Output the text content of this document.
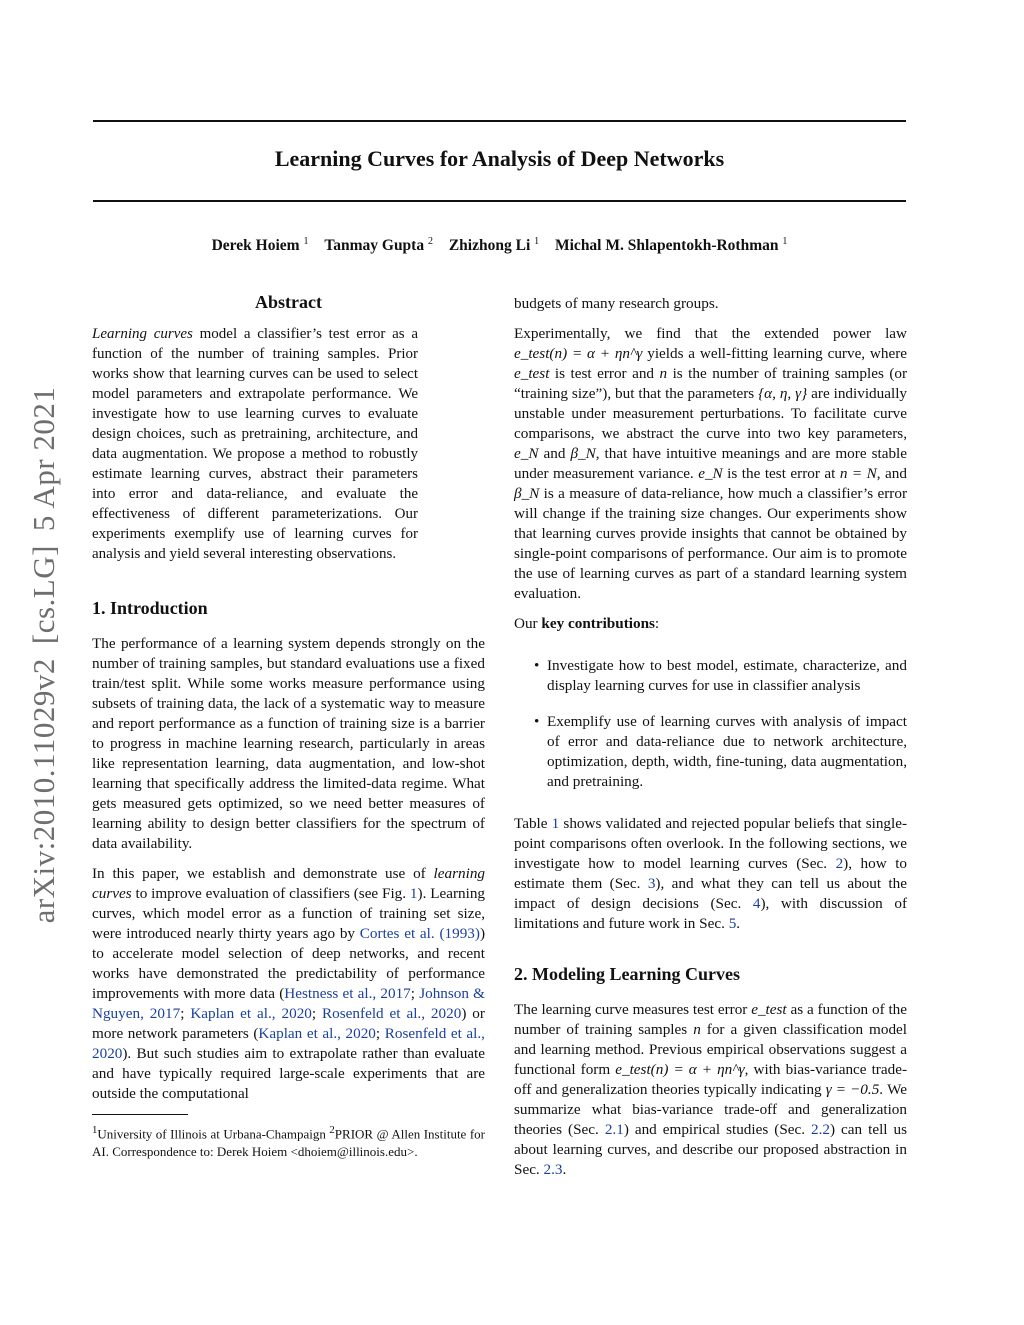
Learning Curves for Analysis of Deep Networks
Derek Hoiem $^1$ Tanmay Gupta $^2$ Zhizhong Li $^1$ Michal M. Shlapentokh-Rothman $^1$
arXiv:2010.11029v2[cs.LG]5 Apr 2021
Abstract

Learning curves model a classifier’s test error as a function of the number of training samples. Prior works show that learning curves can be used to select model parameters and extrapolate performance. We investigate how to use learning curves to evaluate design choices, such as pretraining, architecture, and data augmentation. We propose a method to robustly estimate learning curves, abstract their parameters into error and data-reliance, and evaluate the effectiveness of different parameterizations. Our experiments exemplify use of learning curves for analysis and yield several interesting observations.

1. Introduction

The performance of a learning system depends strongly on the number of training samples, but standard evaluations use a fixed train/test split. While some works measure performance using subsets of training data, the lack of a systematic way to measure and report performance as a function of training size is a barrier to progress in machine learning research, particularly in areas like representation learning, data augmentation, and low-shot learning that specifically address the limited-data regime. What gets measured gets optimized, so we need better measures of learning ability to design better classifiers for the spectrum of data availability.

In this paper, we establish and demonstrate use of learning curves to improve evaluation of classifiers (see Fig. 1). Learning curves, which model error as a function of training set size, were introduced nearly thirty years ago by Cortes et al. (1993)) to accelerate model selection of deep networks, and recent works have demonstrated the predictability of performance improvements with more data (Hestness et al., 2017; Johnson & Nguyen, 2017; Kaplan et al., 2020; Rosenfeld et al., 2020) or more network parameters (Kaplan et al., 2020; Rosenfeld et al., 2020). But such studies aim to extrapolate rather than evaluate and have typically required large-scale experiments that are outside the computational

$^1$University of Illinois at Urbana-Champaign $^2$PRIOR @ Allen Institute for AI. Correspondence to: Derek Hoiem <dhoiem@illinois.edu>.

budgets of many research groups.

Experimentally, we find that the extended power law e_test(n) = α + ηn^γ yields a well-fitting learning curve, where e_test is test error and n is the number of training samples (or “training size”), but that the parameters {α, η, γ} are individually unstable under measurement perturbations. To facilitate curve comparisons, we abstract the curve into two key parameters, e_N and β_N, that have intuitive meanings and are more stable under measurement variance. e_N is the test error at n = N, and β_N is a measure of data-reliance, how much a classifier’s error will change if the training size changes. Our experiments show that learning curves provide insights that cannot be obtained by single-point comparisons of performance. Our aim is to promote the use of learning curves as part of a standard learning system evaluation.

Our key contributions:

• Investigate how to best model, estimate, characterize, and display learning curves for use in classifier analysis
• Exemplify use of learning curves with analysis of impact of error and data-reliance due to network architecture, optimization, depth, width, fine-tuning, data augmentation, and pretraining.

Table 1 shows validated and rejected popular beliefs that single-point comparisons often overlook. In the following sections, we investigate how to model learning curves (Sec. 2), how to estimate them (Sec. 3), and what they can tell us about the impact of design decisions (Sec. 4), with discussion of limitations and future work in Sec. 5.

2. Modeling Learning Curves

The learning curve measures test error e_test as a function of the number of training samples n for a given classification model and learning method. Previous empirical observations suggest a functional form e_test(n) = α + ηn^γ, with bias-variance trade-off and generalization theories typically indicating γ = −0.5. We summarize what bias-variance trade-off and generalization theories (Sec. 2.1) and empirical studies (Sec. 2.2) can tell us about learning curves, and describe our proposed abstraction in Sec. 2.3.
